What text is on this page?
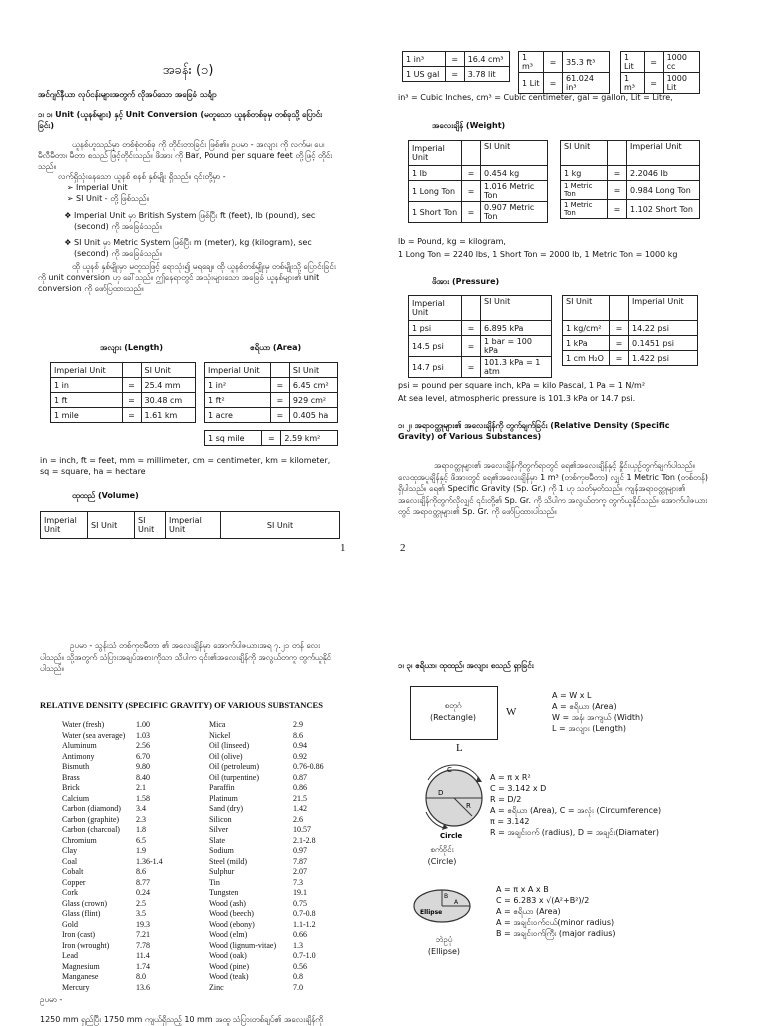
အခန်း (၁)
အင်ဂျင်နီယာ လုပ်ငန်းများအတွက် လိုအပ်သော အခြေခံ သင်္ချာ
၁၊ ၁၊ Unit (ယူနစ်များ) နှင့် Unit Conversion (မတူသော ယူနစ်တစ်ခုမှ တစ်ခုသို့ ပြောင်းခြင်း)
ယူနစ်ဟူသည်မှာ တစ်စုံတစ်ခု ကို တိုင်းတာခြင်း ဖြစ်၏။ ဥပမာ - အလျား ကို လက်မ၊ ပေ၊ မီလီမီတာ၊ မီတာ စသည် ဖြင့်တိုင်းသည်။ ဖိအား ကို Bar, Pound per square feet တို့ဖြင့် တိုင်းသည်။
လက်ရှိသုံးနေသော ယူနစ် စနစ် နှစ်မျိုး ရှိသည်။ ၎င်းတို့မှာ -
➢ Imperial Unit
➢ SI Unit - တို့ ဖြစ်သည်။
❖ Imperial Unit မှာ British System ဖြစ်ပြီး ft (feet), lb (pound), sec (second) ကို အခြေခံသည်။
❖ SI Unit မှာ Metric System ဖြစ်ပြီး m (meter), kg (kilogram), sec (second) ကို အခြေခံသည်။
ထို ယူနစ် နှစ်မျိုးမှာ မတူသဖြင့် ရောသုံး၍ မရချေ။ ထို ယူနစ်တစ်မျိုးမှ တစ်မျိုးသို့ ပြောင်းခြင်းကို unit conversion ဟု ခေါ်သည်။ ဤနေရာတွင် အသုံးများသော အခြေခံ ယူနစ်များ၏ unit conversion ကို ဖော်ပြထားသည်။
အလျား (Length)	ဧရိယာ (Area)
Imperial Unit		SI Unit
1 in	=	25.4 mm
1 ft	=	30.48 cm
1 mile	=	1.61 km
Imperial Unit		SI Unit
1 in²	=	6.45 cm²
1 ft²	=	929 cm²
1 acre	=	0.405 ha
1 sq mile	=	2.59 km²
in = inch, ft = feet, mm = millimeter, cm = centimeter, km = kilometer, sq = square, ha = hectare
ထုထည် (Volume)
Imperial Unit	SI Unit	SI Unit	Imperial Unit	SI Unit
1
1 in³	=	16.4 cm³
1 US gal	=	3.78 lit
1 m³	=	35.3 ft³
1 Lit	=	61.024 in³
1 Lit	=	1000 cc
1 m³	=	1000 Lit
in³ = Cubic Inches, cm³ = Cubic centimeter, gal = gallon, Lit = Litre,
အလေးချိန် (Weight)
Imperial Unit		SI Unit
1 lb	=	0.454 kg
1 Long Ton	=	1.016 Metric Ton
1 Short Ton	=	0.907 Metric Ton
SI Unit		Imperial Unit
1 kg	=	2.2046 lb
1 Metric Ton	=	0.984 Long Ton
1 Metric Ton	=	1.102 Short Ton
lb = Pound, kg = kilogram,
1 Long Ton = 2240 lbs, 1 Short Ton = 2000 lb, 1 Metric Ton = 1000 kg
ဖိအား (Pressure)
Imperial Unit		SI Unit
1 psi	=	6.895 kPa
14.5 psi	=	1 bar = 100 kPa
14.7 psi	=	101.3 kPa = 1 atm
SI Unit		Imperial Unit
1 kg/cm²	=	14.22 psi
1 kPa	=	0.1451 psi
1 cm H₂O	=	1.422 psi
psi = pound per square inch, kPa = kilo Pascal, 1 Pa = 1 N/m²
At sea level, atmospheric pressure is 101.3 kPa or 14.7 psi.
၁၊ ၂၊ အရာဝတ္ထုများ၏ အလေးချိန်ကို တွက်ချက်ခြင်း (Relative Density (Specific Gravity) of Various Substances)
အရာဝတ္ထုများ၏ အလေးချိန်ကိုတွက်ရာတွင် ရေ၏အလေးချိန်နှင့် နှိုင်းယှဉ်တွက်ချက်ပါသည်။ လေထုအပူချိန်နှင့် ဖိအားတွင် ရေ၏အလေးချိန်မှာ 1 m³ (တစ်ကုဗမီတာ) လျှင် 1 Metric Ton (တစ်တန်) ရှိပါသည်။ ရေ၏ Specific Gravity (Sp. Gr.) ကို 1 ဟု သတ်မှတ်သည်။ ကျန်အရာဝတ္ထုများ၏ အလေးချိန်ကိုတွက်လိုလျှင် ၎င်းတို့၏ Sp. Gr. ကို သိပါက အလွယ်တကူ တွက်ယူနိုင်သည်။ အောက်ပါဇယားတွင် အရာဝတ္ထုများ၏ Sp. Gr. ကို ဖော်ပြထားပါသည်။
2
ဥပမာ - သွန်းသံ တစ်ကုဗမီတာ ၏ အလေးချိန်မှာ အောက်ပါဇယားအရ ၇.၂၁ တန် လေးပါသည်။ သို့အတွက် သံပြားအချပ်အစားကိုသာ သိပါက ၎င်း၏အလေးချိန်ကို အလွယ်တကူ တွက်ယူနိုင်ပါသည်။
RELATIVE DENSITY (SPECIFIC GRAVITY) OF VARIOUS SUBSTANCES
Water (fresh)	1.00
Water (sea average)	1.03
Aluminum	2.56
Antimony	6.70
Bismuth	9.80
Brass	8.40
Brick	2.1
Calcium	1.58
Carbon (diamond)	3.4
Carbon (graphite)	2.3
Carbon (charcoal)	1.8
Chromium	6.5
Clay	1.9
Coal	1.36-1.4
Cobalt	8.6
Copper	8.77
Cork	0.24
Glass (crown)	2.5
Glass (flint)	3.5
Gold	19.3
Iron (cast)	7.21
Iron (wrought)	7.78
Lead	11.4
Magnesium	1.74
Manganese	8.0
Mercury	13.6
Mica	2.9
Nickel	8.6
Oil (linseed)	0.94
Oil (olive)	0.92
Oil (petroleum)	0.76-0.86
Oil (turpentine)	0.87
Paraffin	0.86
Platinum	21.5
Sand (dry)	1.42
Silicon	2.6
Silver	10.57
Slate	2.1-2.8
Sodium	0.97
Steel (mild)	7.87
Sulphur	2.07
Tin	7.3
Tungsten	19.1
Wood (ash)	0.75
Wood (beech)	0.7-0.8
Wood (ebony)	1.1-1.2
Wood (elm)	0.66
Wood (lignum-vitae)	1.3
Wood (oak)	0.7-1.0
Wood (pine)	0.56
Wood (teak)	0.8
Zinc	7.0
ဥပမာ -
1250 mm ရှည်ပြီး 1750 mm ကျယ်ရှိသည့် 10 mm အထူ သံပြားတစ်ချပ်၏ အလေးချိန်ကို
၁၊ ၃၊ ဧရိယာ၊ ထုထည်၊ အလျား စသည် ရှာခြင်း
စတုဂံ
(Rectangle)	W
L
A = W x L
A = ဧရိယာ (Area)
W = အနံ၊ အကျယ် (Width)
L = အလျား (Length)
C
D
R
Circle
စက်ဝိုင်း
(Circle)
A = π x R²
C = 3.142 x D
R = D/2
A = ဧရိယာ (Area), C = အလုံး (Circumference)
π = 3.142
R = အချင်းဝက် (radius), D = အချင်း(Diamater)
B
A
Ellipse
ဘဲဥပုံ
(Ellipse)
A = π x A x B
C = 6.283 x √(A²+B²)/2
A = ဧရိယာ (Area)
A = အချင်းဝက်ငယ်(minor radius)
B = အချင်းဝက်ကြီး (major radius)
